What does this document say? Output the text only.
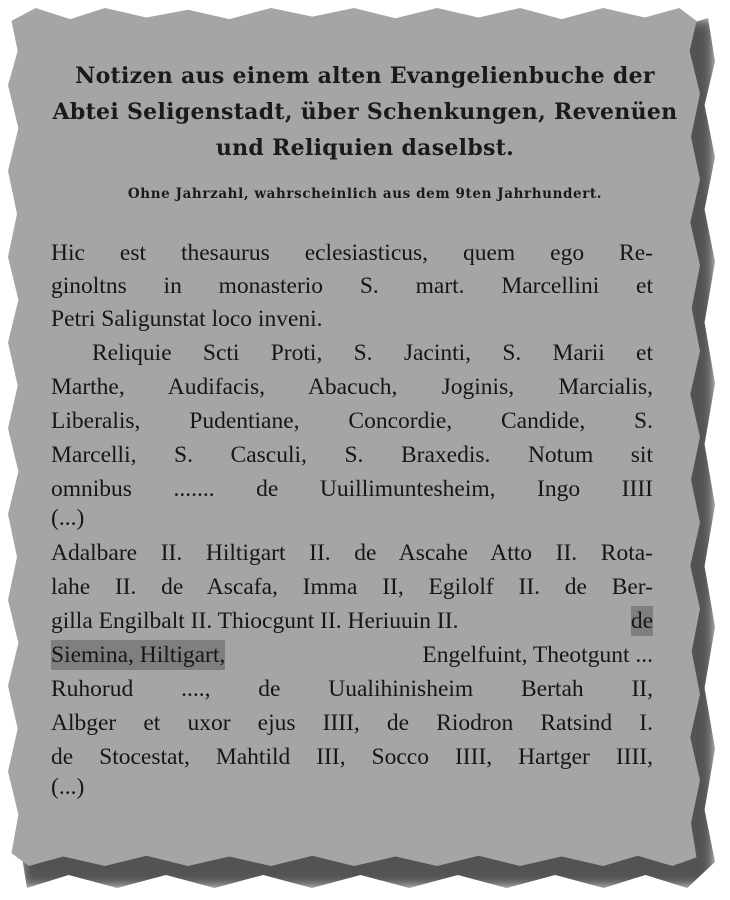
Notizen aus einem alten Evangelienbuche der
Abtei Seligenstadt, über Schenkungen, Revenüen
und Reliquien daselbst.
Ohne Jahrzahl, wahrscheinlich aus dem 9ten Jahrhundert.
Hic est thesaurus eclesiasticus, quem ego Re-
ginoltns in monasterio S. mart. Marcellini et
Petri Saligunstat loco inveni.
Reliquie Scti Proti, S. Jacinti, S. Marii et
Marthe, Audifacis, Abacuch, Joginis, Marcialis,
Liberalis, Pudentiane, Concordie, Candide, S.
Marcelli, S. Casculi, S. Braxedis. Notum sit
omnibus ....... de Uuillimuntesheim, Ingo IIII
(...)
Adalbare II. Hiltigart II. de Ascahe Atto II. Rota-
lahe II. de Ascafa, Imma II, Egilolf II. de Ber-
gilla Engilbalt II. Thiocgunt II. Heriuuin II.	de
Siemina, Hiltigart,	Engelfuint, Theotgunt ...
Ruhorud ...., de Uualihinisheim Bertah II,
Albger et uxor ejus IIII, de Riodron Ratsind I.
de Stocestat, Mahtild III, Socco IIII, Hartger IIII,
(...)
